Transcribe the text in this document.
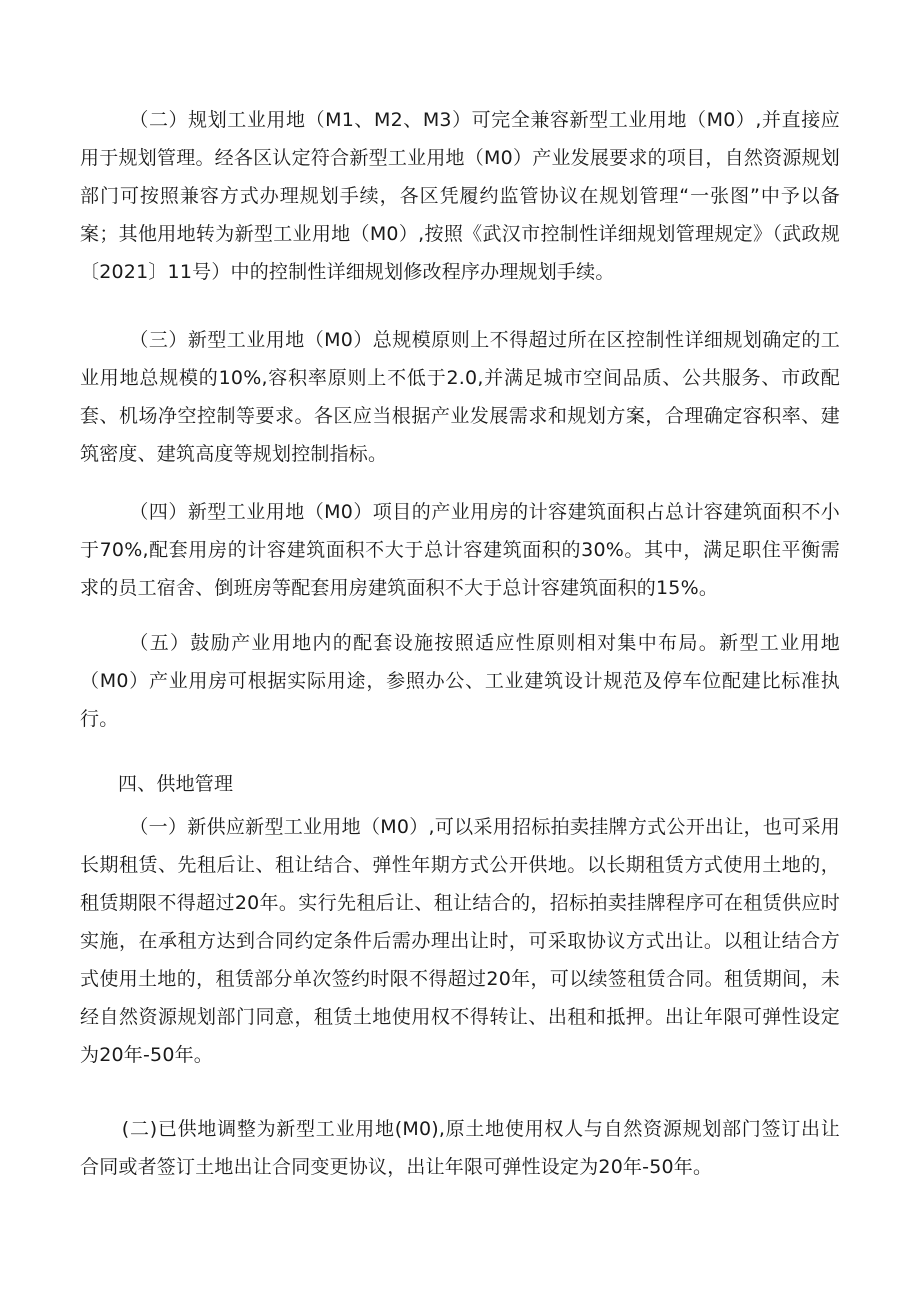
（二）规划工业用地（M1、M2、M3）可完全兼容新型工业用地（M0）,并直接应用于规划管理。经各区认定符合新型工业用地（M0）产业发展要求的项目，自然资源规划部门可按照兼容方式办理规划手续，各区凭履约监管协议在规划管理“一张图”中予以备案；其他用地转为新型工业用地（M0）,按照《武汉市控制性详细规划管理规定》（武政规〔2021〕11号）中的控制性详细规划修改程序办理规划手续。

（三）新型工业用地（M0）总规模原则上不得超过所在区控制性详细规划确定的工业用地总规模的10%,容积率原则上不低于2.0,并满足城市空间品质、公共服务、市政配套、机场净空控制等要求。各区应当根据产业发展需求和规划方案，合理确定容积率、建筑密度、建筑高度等规划控制指标。

（四）新型工业用地（M0）项目的产业用房的计容建筑面积占总计容建筑面积不小于70%,配套用房的计容建筑面积不大于总计容建筑面积的30%。其中，满足职住平衡需求的员工宿舍、倒班房等配套用房建筑面积不大于总计容建筑面积的15%。

（五）鼓励产业用地内的配套设施按照适应性原则相对集中布局。新型工业用地（M0）产业用房可根据实际用途，参照办公、工业建筑设计规范及停车位配建比标准执行。

四、供地管理

（一）新供应新型工业用地（M0）,可以采用招标拍卖挂牌方式公开出让，也可采用长期租赁、先租后让、租让结合、弹性年期方式公开供地。以长期租赁方式使用土地的，租赁期限不得超过20年。实行先租后让、租让结合的，招标拍卖挂牌程序可在租赁供应时实施，在承租方达到合同约定条件后需办理出让时，可采取协议方式出让。以租让结合方式使用土地的，租赁部分单次签约时限不得超过20年，可以续签租赁合同。租赁期间，未经自然资源规划部门同意，租赁土地使用权不得转让、出租和抵押。出让年限可弹性设定为20年-50年。

(二)已供地调整为新型工业用地(M0),原土地使用权人与自然资源规划部门签订出让合同或者签订土地出让合同变更协议，出让年限可弹性设定为20年-50年。
